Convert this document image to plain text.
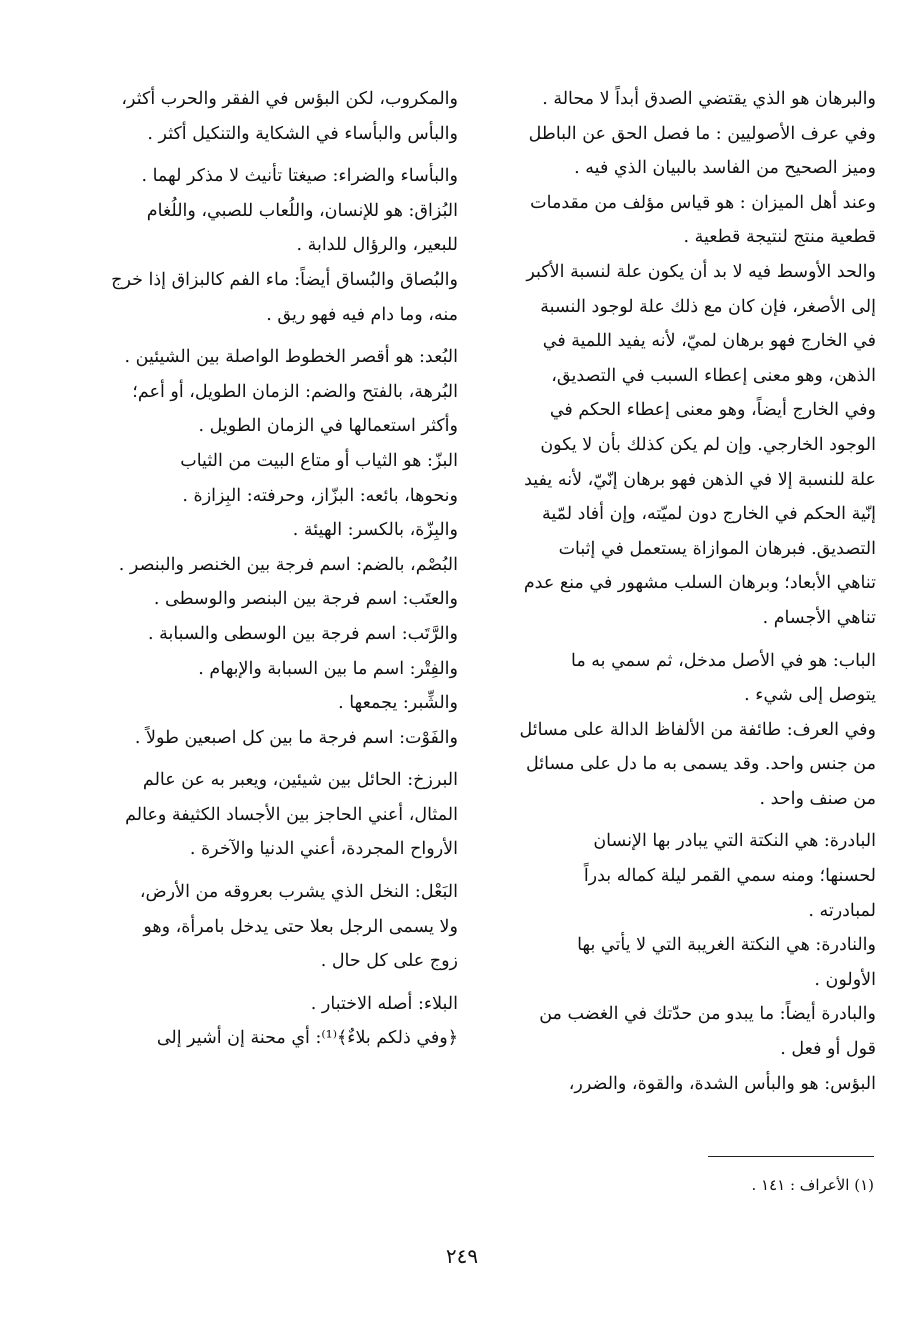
والبرهان هو الذي يقتضي الصدق أبداً لا محالة .
وفي عرف الأصوليين : ما فصل الحق عن الباطل
وميز الصحيح من الفاسد بالبيان الذي فيه .
وعند أهل الميزان : هو قياس مؤلف من مقدمات
قطعية منتج لنتيجة قطعية .
والحد الأوسط فيه لا بد أن يكون علة لنسبة الأكبر
إلى الأصغر، فإن كان مع ذلك علة لوجود النسبة
في الخارج فهو برهان لميّ، لأنه يفيد اللمية في
الذهن، وهو معنى إعطاء السبب في التصديق،
وفي الخارج أيضاً، وهو معنى إعطاء الحكم في
الوجود الخارجي. وإن لم يكن كذلك بأن لا يكون
علة للنسبة إلا في الذهن فهو برهان إنّيّ، لأنه يفيد
إنّية الحكم في الخارج دون لميّته، وإن أفاد لمّية
التصديق. فبرهان الموازاة يستعمل في إثبات
تناهي الأبعاد؛ وبرهان السلب مشهور في منع عدم
تناهي الأجسام .
الباب: هو في الأصل مدخل، ثم سمي به ما
يتوصل إلى شيء .
وفي العرف: طائفة من الألفاظ الدالة على مسائل
من جنس واحد. وقد يسمى به ما دل على مسائل
من صنف واحد .
البادرة: هي النكتة التي يبادر بها الإنسان
لحسنها؛ ومنه سمي القمر ليلة كماله بدراً
لمبادرته .
والنادرة: هي النكتة الغريبة التي لا يأتي بها
الأولون .
والبادرة أيضاً: ما يبدو من حدّتك في الغضب من
قول أو فعل .
البؤس: هو والبأس الشدة، والقوة، والضرر،
والمكروب، لكن البؤس في الفقر والحرب أكثر،
والبأس والبأساء في الشكاية والتنكيل أكثر .
والبأساء والضراء: صيغتا تأنيث لا مذكر لهما .
البُزاق: هو للإنسان، واللُعاب للصبي، واللُغام
للبعير، والرؤال للدابة .
والبُصاق والبُساق أيضاً: ماء الفم كالبزاق إذا خرج
منه، وما دام فيه فهو ريق .
البُعد: هو أقصر الخطوط الواصلة بين الشيئين .
البُرهة، بالفتح والضم: الزمان الطويل، أو أعم؛
وأكثر استعمالها في الزمان الطويل .
البزّ: هو الثياب أو متاع البيت من الثياب
ونحوها، بائعه: البزّاز، وحرفته: البِزازة .
والبِزّة، بالكسر: الهيئة .
البُصْم، بالضم: اسم فرجة بين الخنصر والبنصر .
والعتَب: اسم فرجة بين البنصر والوسطى .
والرَّتَب: اسم فرجة بين الوسطى والسبابة .
والفِتْر: اسم ما بين السبابة والإبهام .
والشِّبر: يجمعها .
والفَوْت: اسم فرجة ما بين كل اصبعين طولاً .
البرزخ: الحائل بين شيئين، ويعبر به عن عالم
المثال، أعني الحاجز بين الأجساد الكثيفة وعالم
الأرواح المجردة، أعني الدنيا والآخرة .
البَعْل: النخل الذي يشرب بعروقه من الأرض،
ولا يسمى الرجل بعلا حتى يدخل بامرأة، وهو
زوج على كل حال .
البلاء: أصله الاختبار .
﴿وفي ذلكم بلاءٌ﴾⁽¹⁾: أي محنة إن أشير إلى
(١) الأعراف : ١٤١ .
٢٤٩
